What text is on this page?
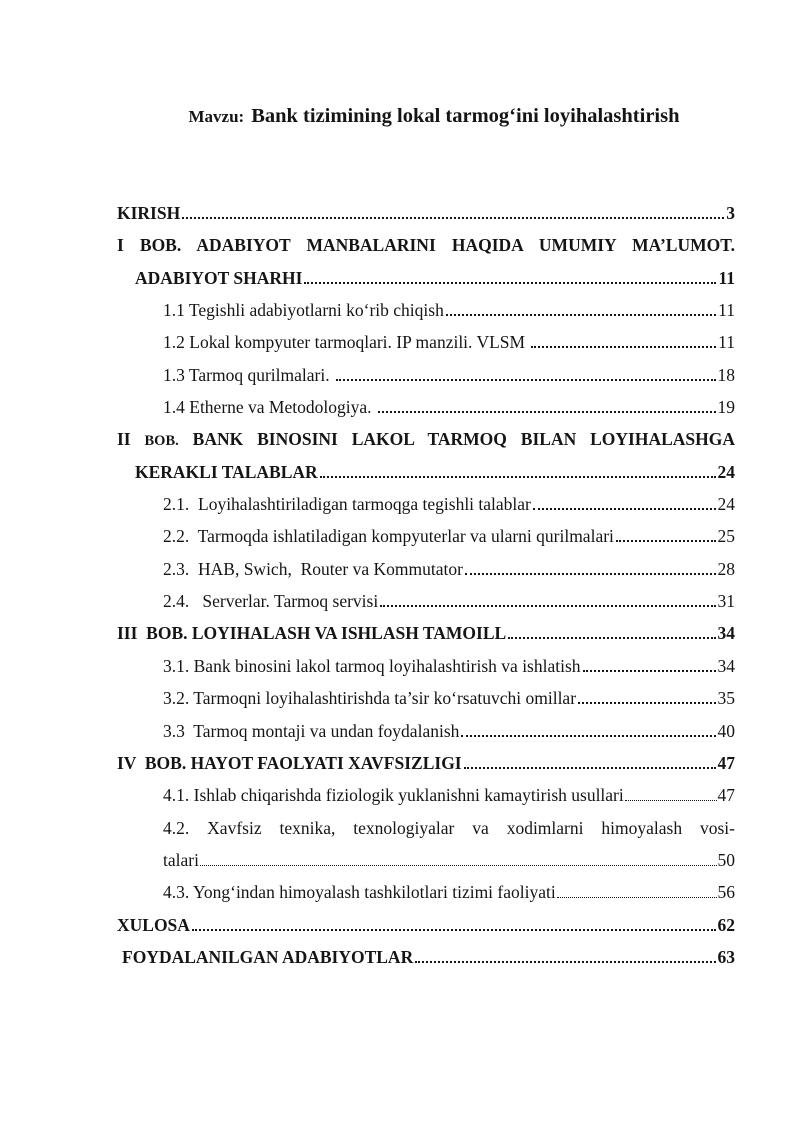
Mavzu: Bank tizimining lokal tarmog‘ini loyihalashtirish

KIRISH	3
I BOB. ADABIYOT MANBALARINI HAQIDA UMUMIY MA’LUMOT.
ADABIYOT SHARHI	11
1.1 Tegishli adabiyotlarni ko‘rib chiqish	11
1.2 Lokal kompyuter tarmoqlari. IP manzili. VLSM	11
1.3 Tarmoq qurilmalari.	18
1.4 Etherne va Metodologiya.	19
II BOB. BANK BINOSINI LAKOL TARMOQ BILAN LOYIHALASHGA
KERAKLI TALABLAR	24
2.1.  Loyihalashtiriladigan tarmoqga tegishli talablar	24
2.2.  Tarmoqda ishlatiladigan kompyuterlar va ularni qurilmalari	25
2.3.  HAB, Swich,  Router va Kommutator	28
2.4.   Serverlar. Tarmoq servisi	31
III  BOB. LOYIHALASH VA ISHLASH TAMOILL	34
3.1. Bank binosini lakol tarmoq loyihalashtirish va ishlatish	34
3.2. Tarmoqni loyihalashtirishda ta’sir ko‘rsatuvchi omillar	35
3.3  Tarmoq montaji va undan foydalanish	40
IV  BOB. HAYOT FAOLYATI XAVFSIZLIGI	47
4.1. Ishlab chiqarishda fiziologik yuklanishni kamaytirish usullari	47
4.2. Xavfsiz texnika, texnologiyalar va xodimlarni himoyalash vosi-
talari	50
4.3. Yong‘indan himoyalash tashkilotlari tizimi faoliyati	56
XULOSA	62
FOYDALANILGAN ADABIYOTLAR	63
